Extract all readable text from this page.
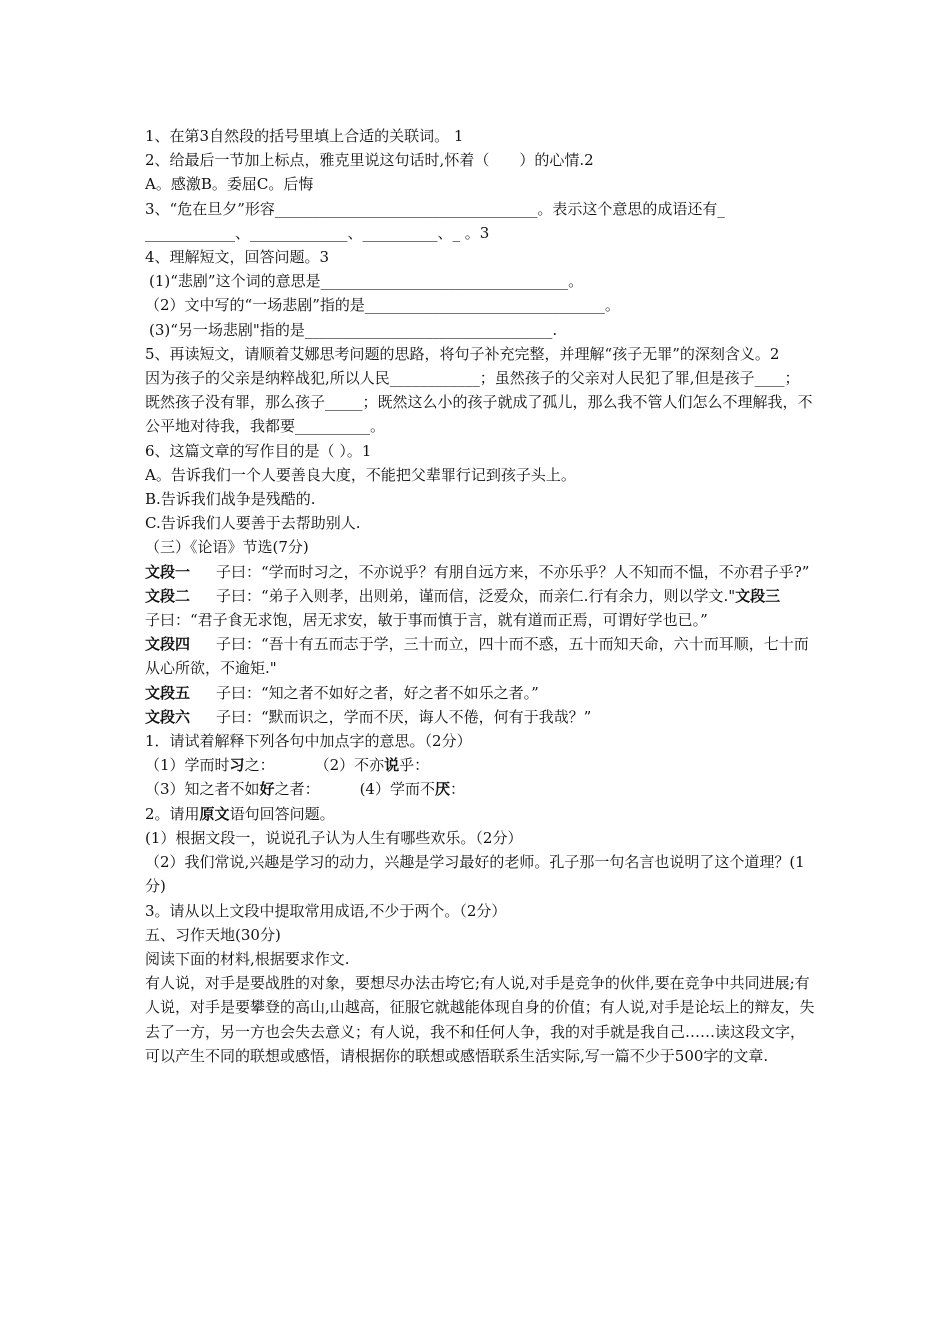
1、在第3自然段的括号里填上合适的关联词。 1
2、给最后一节加上标点，雅克里说这句话时,怀着（　　）的心情.2
A。感激B。委屈C。后悔
3、“危在旦夕”形容___________________________________。表示这个意思的成语还有_
____________、_____________、__________、_ 。3
4、理解短文，回答问题。3
(1)“悲剧”这个词的意思是_________________________________。
（2）文中写的“一场悲剧”指的是________________________________。
(3)“另一场悲剧"指的是_________________________________.
5、再读短文，请顺着艾娜思考问题的思路，将句子补充完整，并理解“孩子无罪”的深刻含义。2
因为孩子的父亲是纳粹战犯,所以人民____________；虽然孩子的父亲对人民犯了罪,但是孩子____；　既然孩子没有罪，那么孩子_____；既然这么小的孩子就成了孤儿，那么我不管人们怎么不理解我，不公平地对待我，我都要__________。
6、这篇文章的写作目的是（ ）。1
A。告诉我们一个人要善良大度，不能把父辈罪行记到孩子头上。
B.告诉我们战争是残酷的.
C.告诉我们人要善于去帮助别人.
（三）《论语》节选(7分)
文段一 子曰：“学而时习之，不亦说乎？有朋自远方来，不亦乐乎？人不知而不愠，不亦君子乎?”
文段二 子曰：“弟子入则孝，出则弟，谨而信，泛爱众，而亲仁.行有余力，则以学文."文段三子曰：“君子食无求饱，居无求安，敏于事而慎于言，就有道而正焉，可谓好学也已。”
文段四 子曰：“吾十有五而志于学，三十而立，四十而不惑，五十而知天命，六十而耳顺，七十而从心所欲，不逾矩."
文段五 子曰：“知之者不如好之者，好之者不如乐之者。”
文段六 子曰：“默而识之，学而不厌，诲人不倦，何有于我哉？”
1．请试着解释下列各句中加点字的意思。（2分）
（1）学而时习之：	（2）不亦说乎：
（3）知之者不如好之者：	(4）学而不厌：
2。请用原文语句回答问题。
(1）根据文段一，说说孔子认为人生有哪些欢乐。（2分）
（2）我们常说,兴趣是学习的动力，兴趣是学习最好的老师。孔子那一句名言也说明了这个道理？(1分)
3。请从以上文段中提取常用成语,不少于两个。（2分）
五、习作天地(30分)
阅读下面的材料,根据要求作文.
有人说，对手是要战胜的对象，要想尽办法击垮它;有人说,对手是竞争的伙伴,要在竞争中共同进展;有人说，对手是要攀登的高山,山越高，征服它就越能体现自身的价值；有人说,对手是论坛上的辩友，失去了一方，另一方也会失去意义；有人说，我不和任何人争，我的对手就是我自己……读这段文字，可以产生不同的联想或感悟，请根据你的联想或感悟联系生活实际,写一篇不少于500字的文章.
